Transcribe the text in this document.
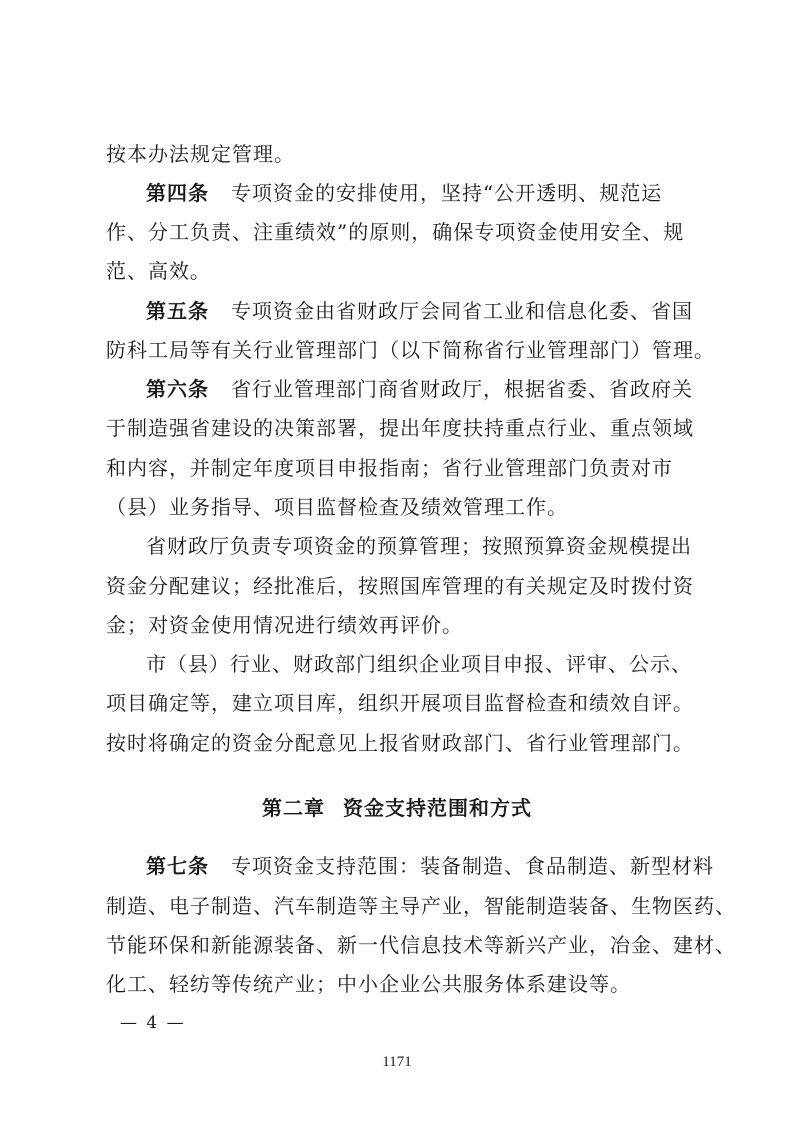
按本办法规定管理。
第四条 专项资金的安排使用，坚持“公开透明、规范运
作、分工负责、注重绩效”的原则，确保专项资金使用安全、规
范、高效。
第五条 专项资金由省财政厅会同省工业和信息化委、省国
防科工局等有关行业管理部门（以下简称省行业管理部门）管理。
第六条 省行业管理部门商省财政厅，根据省委、省政府关
于制造强省建设的决策部署，提出年度扶持重点行业、重点领域
和内容，并制定年度项目申报指南；省行业管理部门负责对市
（县）业务指导、项目监督检查及绩效管理工作。
省财政厅负责专项资金的预算管理；按照预算资金规模提出
资金分配建议；经批准后，按照国库管理的有关规定及时拨付资
金；对资金使用情况进行绩效再评价。
市（县）行业、财政部门组织企业项目申报、评审、公示、
项目确定等，建立项目库，组织开展项目监督检查和绩效自评。
按时将确定的资金分配意见上报省财政部门、省行业管理部门。
第二章 资金支持范围和方式
第七条 专项资金支持范围：装备制造、食品制造、新型材料
制造、电子制造、汽车制造等主导产业，智能制造装备、生物医药、
节能环保和新能源装备、新一代信息技术等新兴产业，冶金、建材、
化工、轻纺等传统产业；中小企业公共服务体系建设等。
— 4 —
1171
